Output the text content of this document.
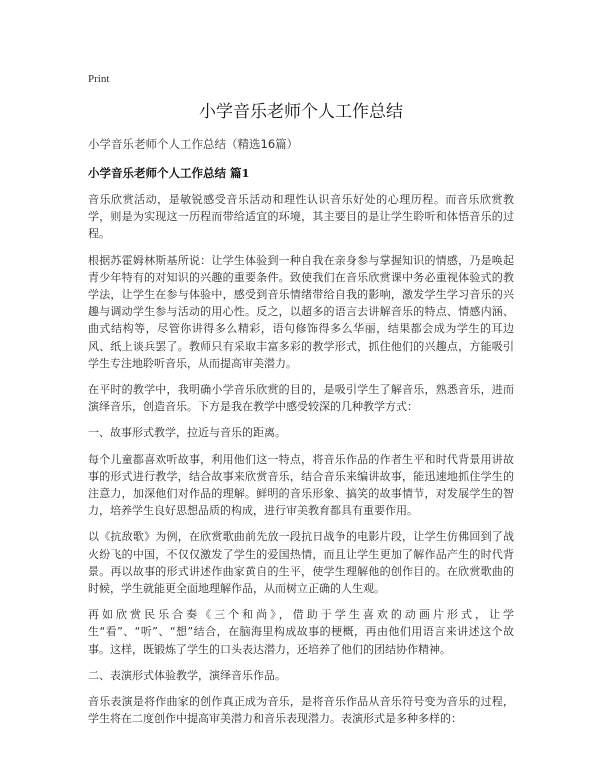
Print
小学音乐老师个人工作总结
小学音乐老师个人工作总结（精选16篇）
小学音乐老师个人工作总结 篇1

音乐欣赏活动，是敏锐感受音乐活动和理性认识音乐好处的心理历程。而音乐欣赏教学，则是为实现这一历程而带给适宜的环境，其主要目的是让学生聆听和体悟音乐的过程。

根据苏霍姆林斯基所说：让学生体验到一种自我在亲身参与掌握知识的情感，乃是唤起青少年特有的对知识的兴趣的重要条件。致使我们在音乐欣赏课中务必重视体验式的教学法，让学生在参与体验中，感受到音乐情绪带给自我的影响，激发学生学习音乐的兴趣与调动学生参与活动的用心性。反之，以超多的语言去讲解音乐的特点、情感内涵、曲式结构等，尽管你讲得多么精彩，语句修饰得多么华丽，结果都会成为学生的耳边风、纸上谈兵罢了。教师只有采取丰富多彩的教学形式，抓住他们的兴趣点，方能吸引学生专注地聆听音乐，从而提高审美潜力。

在平时的教学中，我明确小学音乐欣赏的目的，是吸引学生了解音乐，熟悉音乐，进而演绎音乐，创造音乐。下方是我在教学中感受较深的几种教学方式：

一、故事形式教学，拉近与音乐的距离。

每个儿童都喜欢听故事，利用他们这一特点，将音乐作品的作者生平和时代背景用讲故事的形式进行教学，结合故事来欣赏音乐，结合音乐来编讲故事，能迅速地抓住学生的注意力，加深他们对作品的理解。鲜明的音乐形象、搞笑的故事情节，对发展学生的智力，培养学生良好思想品质的构成，进行审美教育都具有重要作用。

以《抗敌歌》为例，在欣赏歌曲前先放一段抗日战争的电影片段，让学生仿佛回到了战火纷飞的中国，不仅仅激发了学生的爱国热情，而且让学生更加了解作品产生的时代背景。再以故事的形式讲述作曲家黄自的生平，使学生理解他的创作目的。在欣赏歌曲的时候，学生就能更全面地理解作品，从而树立正确的人生观。

再如欣赏民乐合奏《三个和尚》，借助于学生喜欢的动画片形式，让学生“看”、“听”、“想”结合，在脑海里构成故事的梗概，再由他们用语言来讲述这个故事。这样，既锻炼了学生的口头表达潜力，还培养了他们的团结协作精神。

二、表演形式体验教学，演绎音乐作品。

音乐表演是将作曲家的创作真正成为音乐，是将音乐作品从音乐符号变为音乐的过程，学生将在二度创作中提高审美潜力和音乐表现潜力。表演形式是多种多样的：
